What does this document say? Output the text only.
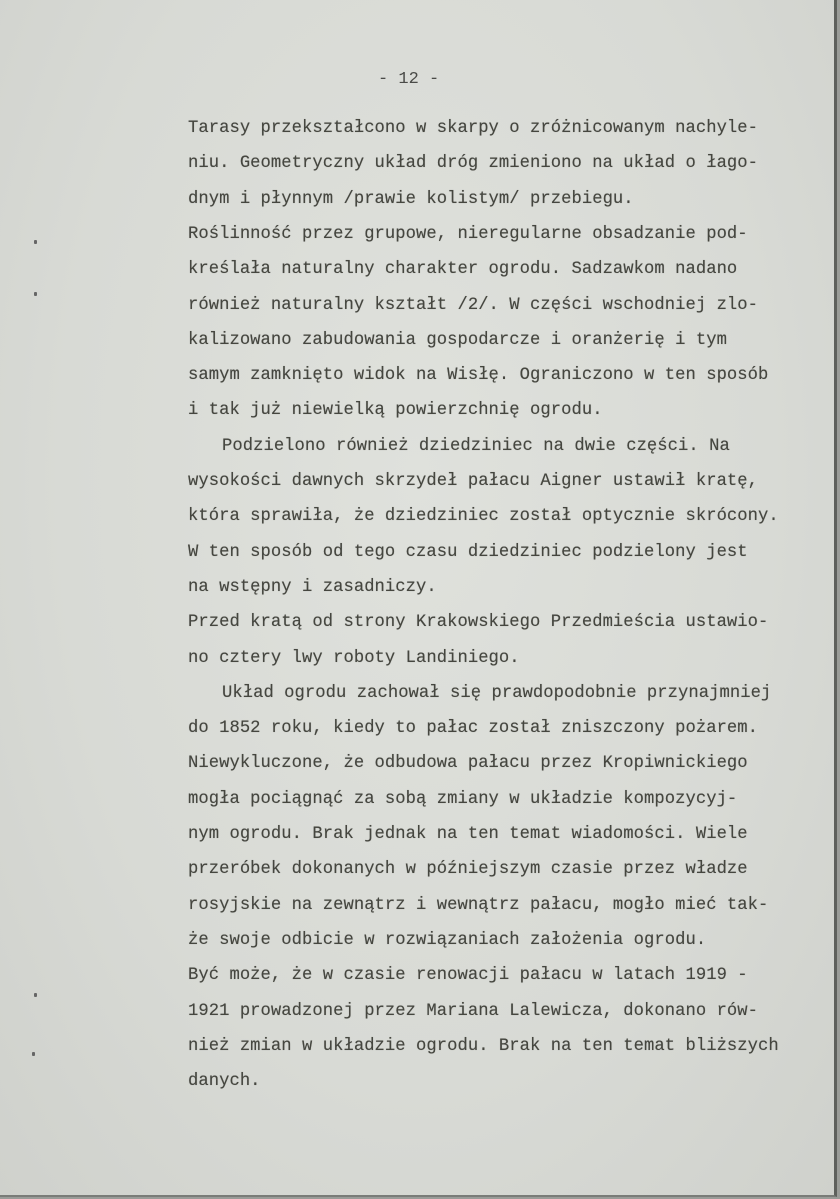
- 12 -
Tarasy przekształcono w skarpy o zróżnicowanym nachyle-
niu. Geometryczny układ dróg zmieniono na układ o łago-
dnym i płynnym /prawie kolistym/ przebiegu.
Roślinność przez grupowe, nieregularne obsadzanie pod-
kreślała naturalny charakter ogrodu. Sadzawkom nadano
również naturalny kształt /2/. W części wschodniej zlo-
kalizowano zabudowania gospodarcze i oranżerię i tym
samym zamknięto widok na Wisłę. Ograniczono w ten sposób
i tak już niewielką powierzchnię ogrodu.
Podzielono również dziedziniec na dwie części. Na
wysokości dawnych skrzydeł pałacu Aigner ustawił kratę,
która sprawiła, że dziedziniec został optycznie skrócony.
W ten sposób od tego czasu dziedziniec podzielony jest
na wstępny i zasadniczy.
Przed kratą od strony Krakowskiego Przedmieścia ustawio-
no cztery lwy roboty Landiniego.
Układ ogrodu zachował się prawdopodobnie przynajmniej
do 1852 roku, kiedy to pałac został zniszczony pożarem.
Niewykluczone, że odbudowa pałacu przez Kropiwnickiego
mogła pociągnąć za sobą zmiany w układzie kompozycyj-
nym ogrodu. Brak jednak na ten temat wiadomości. Wiele
przeróbek dokonanych w późniejszym czasie przez władze
rosyjskie na zewnątrz i wewnątrz pałacu, mogło mieć tak-
że swoje odbicie w rozwiązaniach założenia ogrodu.
Być może, że w czasie renowacji pałacu w latach 1919 -
1921 prowadzonej przez Mariana Lalewicza, dokonano rów-
nież zmian w układzie ogrodu. Brak na ten temat bliższych
danych.
